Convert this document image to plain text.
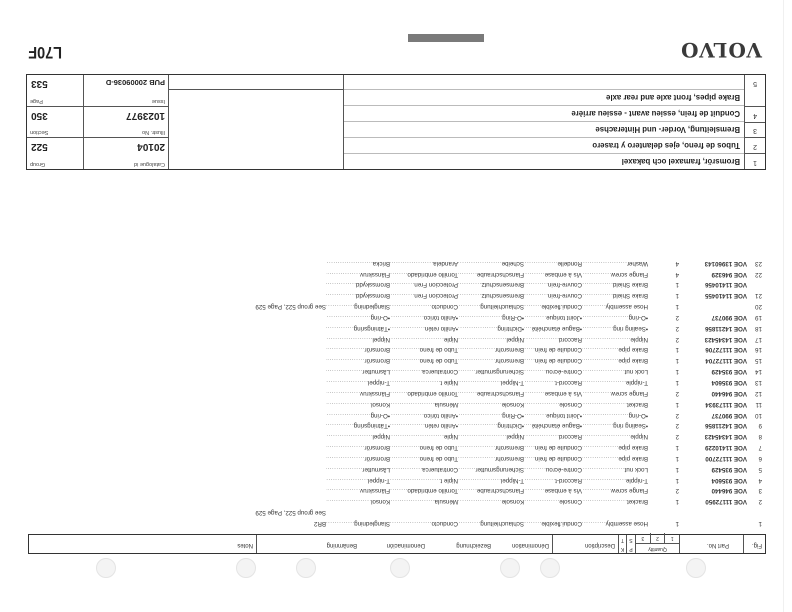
Fig.
Part No.
Quantity
1
2
3
P
S
K
T
Description
Dénomination
Bezeichnung
Denominación
Benämning
Notes
1
1
Hose assembly .....
Condui.flexible .....
Schlauchleitung .....
Conducto .....
Slangledning .....
BR2
See group 522, Page 529
2
VOE 11172950
1
Bracket .....
Console .....
Konsole .....
Ménsula .....
Konsol .....
3
VOE 946440
2
Flange screw .....
Vis à embase .....
Flanschschraube .....
Tornillo embridado .....
Flänsskruv .....
4
VOE 935604
1
T-nipple .....
Raccord-t .....
T-Nippel .....
Niple t .....
T-nippel .....
5
VOE 935429
1
Lock nut .....
Contre-écrou .....
Sicherungsmutter .....
Contratuerca .....
Låsmutter .....
6
VOE 11172700
1
Brake pipe .....
Conduite de frein .....
Bremsrohr .....
Tubo de freno .....
Bromsrör .....
7
VOE 11410229
1
Brake pipe .....
Conduite de frein .....
Bremsrohr .....
Tubo de freno .....
Bromsrör .....
8
VOE 14345423
2
Nipple .....
Raccord .....
Nippel .....
Niple .....
Nippel .....
9
VOE 14211856
2
•Sealing ring .....
•Bague étanchéité .....
•Dichtring .....
•Anillo retén .....
•Tätningsring .....
10
VOE 990737
2
•O-ring .....
•Joint torique .....
•O-Ring .....
•Anillo tórico .....
•O-ring .....
11
VOE 11173934
1
Bracket .....
Console .....
Konsole .....
Ménsula .....
Konsol .....
12
VOE 946440
2
Flange screw .....
Vis à embase .....
Flanschschraube .....
Tornillo embridado .....
Flänsskruv .....
13
VOE 935604
1
T-nipple .....
Raccord-t .....
T-Nippel .....
Niple t .....
T-nippel .....
14
VOE 935429
1
Lock nut .....
Contre-écrou .....
Sicherungsmutter .....
Contratuerca .....
Låsmutter .....
15
VOE 11172704
1
Brake pipe .....
Conduite de frein .....
Bremsrohr .....
Tubo de freno .....
Bromsrör .....
16
VOE 11172706
1
Brake pipe .....
Conduite de frein .....
Bremsrohr .....
Tubo de freno .....
Bromsrör .....
17
VOE 14345423
2
Nipple .....
Raccord .....
Nippel .....
Niple .....
Nippel .....
18
VOE 14211856
2
•Sealing ring .....
•Bague étanchéité .....
•Dichtring .....
•Anillo retén .....
•Tätningsring .....
19
VOE 990737
2
•O-ring .....
•Joint torique .....
•O-Ring .....
•Anillo tórico .....
•O-ring .....
20
1
Hose assembly .....
Condui.flexible .....
Schlauchleitung .....
Conducto .....
Slangledning .....
See group 522, Page 529
21
VOE 11410455
1
Brake Shield .....
Couvre-frein .....
Bremsenschutz .....
Proteccion Fren .....
Bromsskydd .....
VOE 11410456
1
Brake Shield .....
Couvre-frein .....
Bremsenschutz .....
Proteccion Fren .....
Bromsskydd .....
22
VOE 946329
4
Flange screw .....
Vis à embase .....
Flanschschraube .....
Tornillo embridado .....
Flänsskruv .....
23
VOE 13960143
4
Washer .....
Rondelle .....
Scheibe .....
Arandela .....
Bricka .....
1
2
3
4
5
Bromsrör, framaxel och bakaxel
Tubos de freno, ejes delantero y trasero
Bremsleitung, Vorder- und Hinterachse
Conduit de frein, essieu avant - essieu arrière
Brake pipes, front axle and rear axle
Catalogue id
20104
Illustr. No
1023977
Issue
PUB 20009036-D
Group
522
Section
350
Page
533
VOLVO
L70F
